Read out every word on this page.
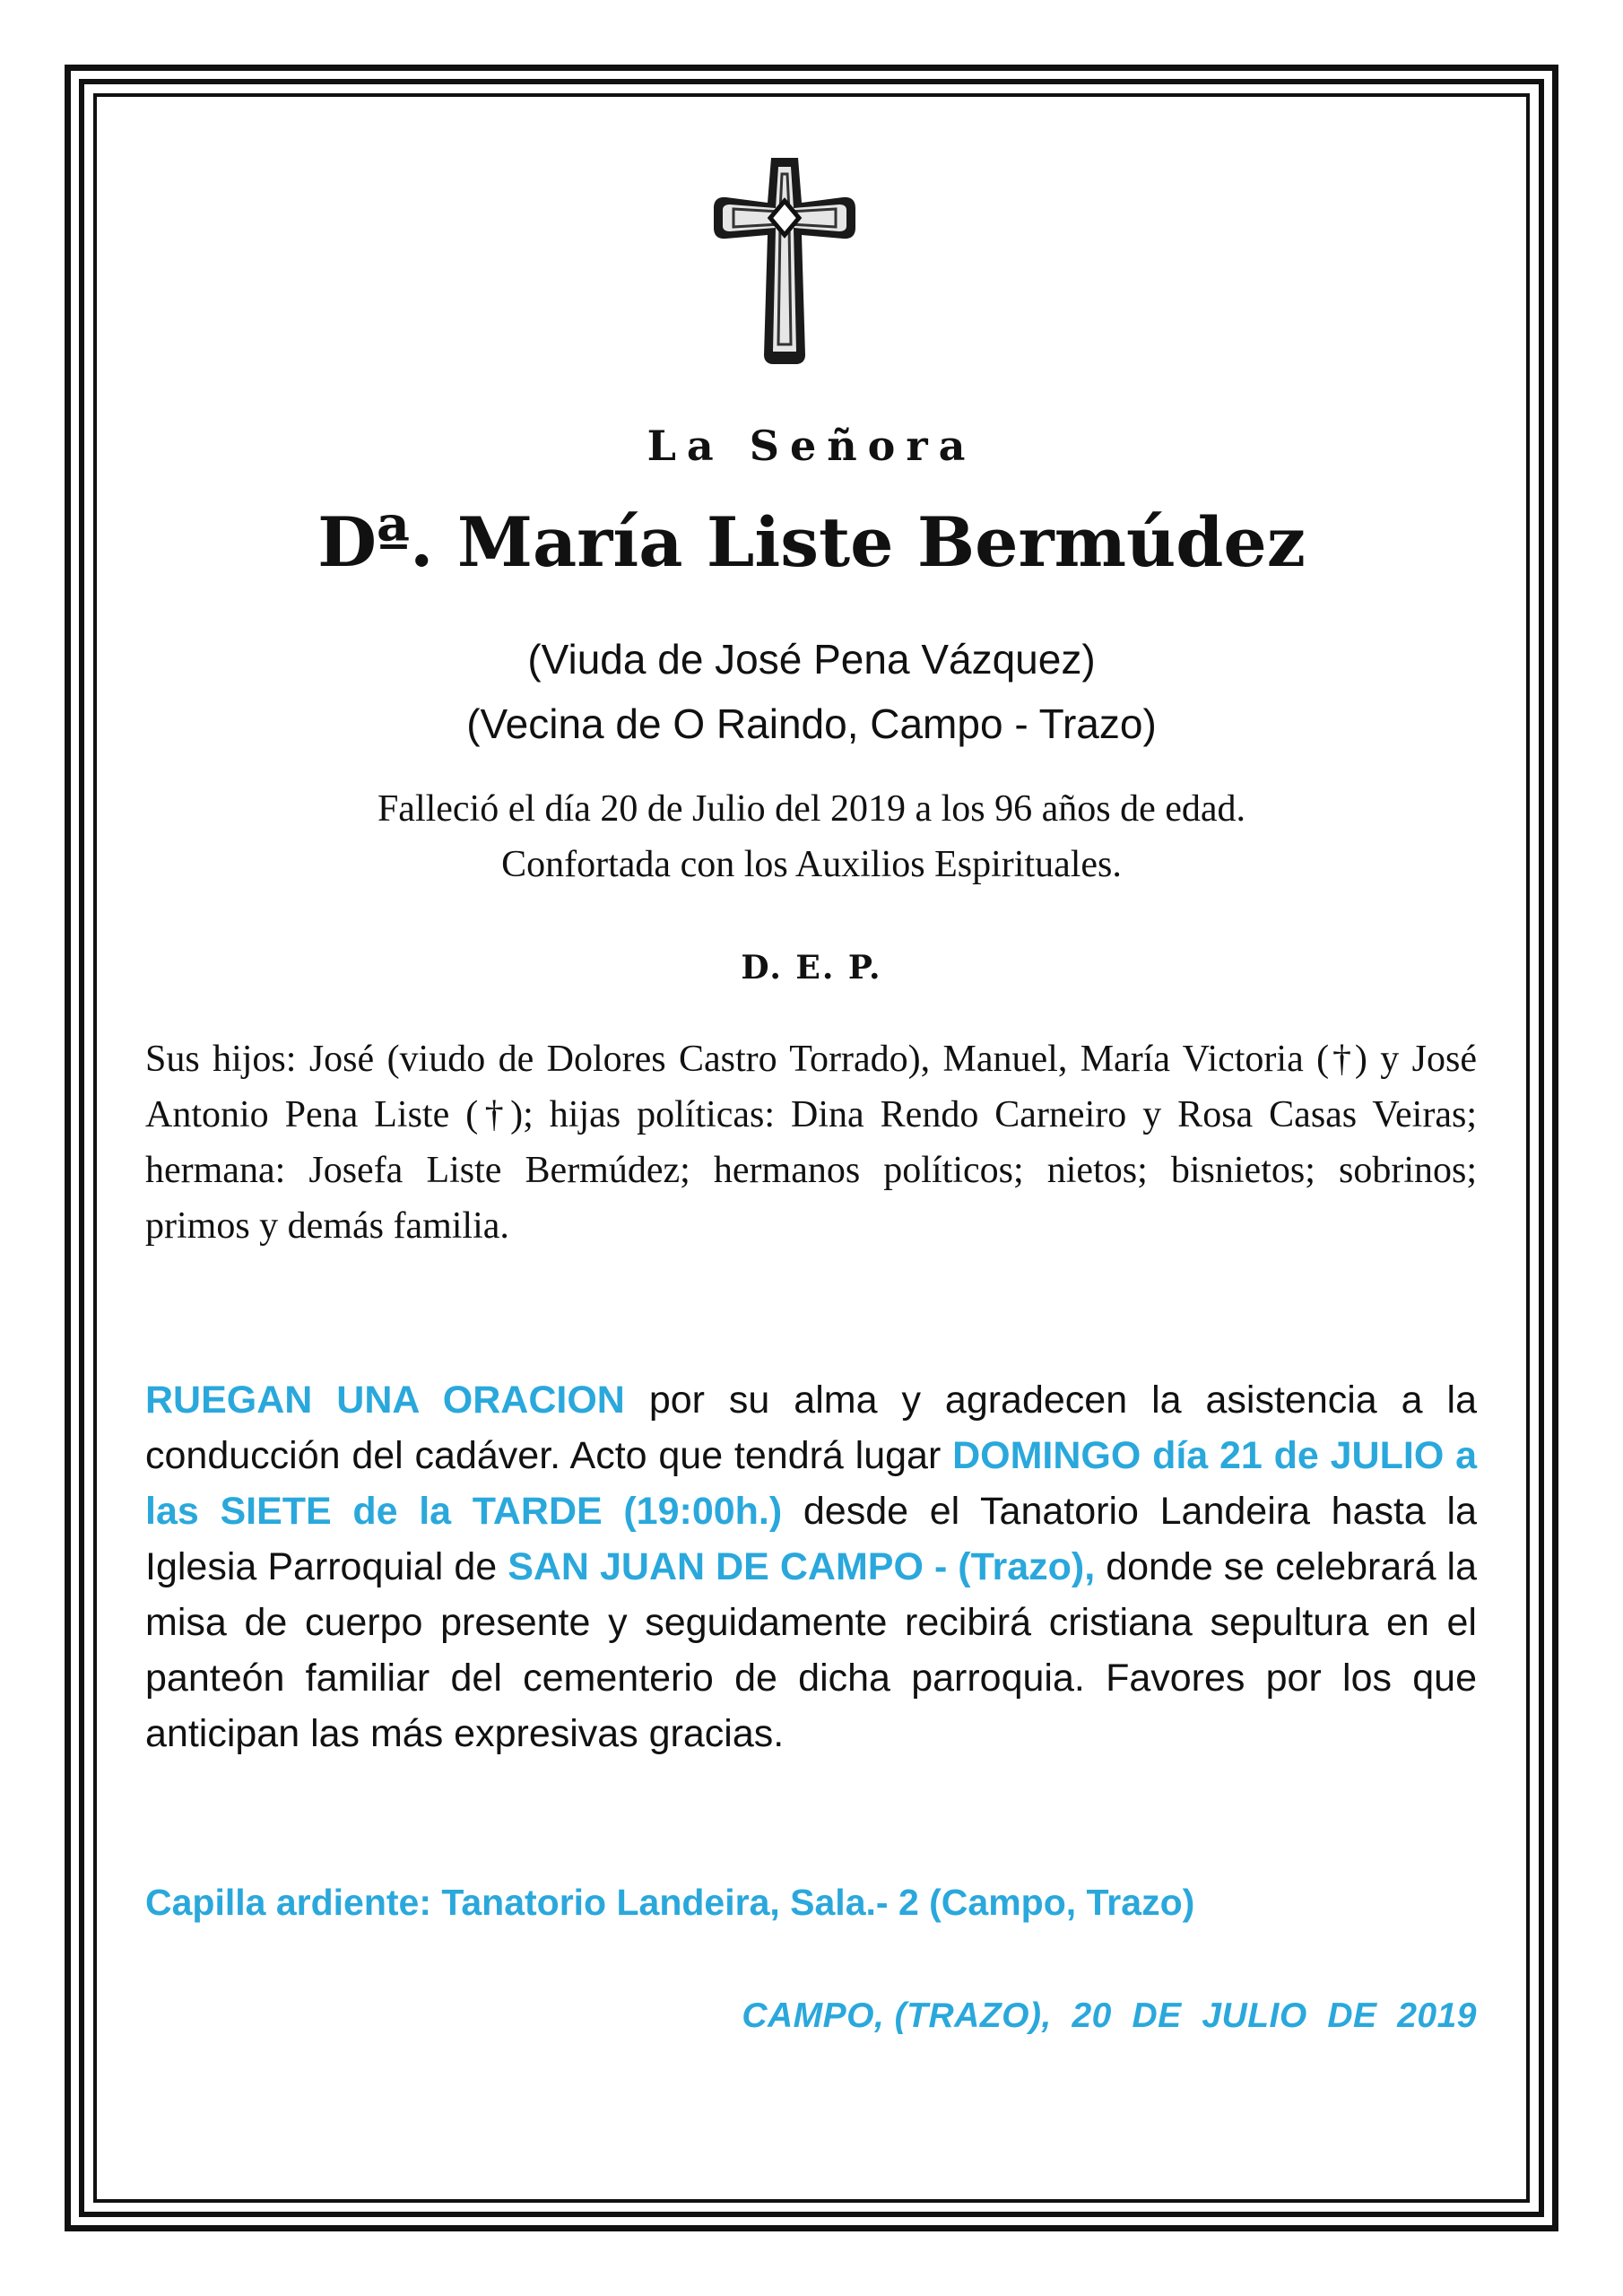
La Señora
Dª. María Liste Bermúdez
(Viuda de José Pena Vázquez)
(Vecina de O Raindo, Campo - Trazo)
Falleció el día 20 de Julio del 2019 a los 96 años de edad.
Confortada con los Auxilios Espirituales.
D. E. P.
Sus hijos: José (viudo de Dolores Castro Torrado), Manuel, María Victoria (†) y José Antonio Pena Liste (†); hijas políticas: Dina Rendo Carneiro y Rosa Casas Veiras; hermana: Josefa Liste Bermúdez; hermanos políticos; nietos; bisnietos; sobrinos; primos y demás familia.
RUEGAN UNA ORACION por su alma y agradecen la asistencia a la conducción del cadáver. Acto que tendrá lugar DOMINGO día 21 de JULIO a las SIETE de la TARDE (19:00h.) desde el Tanatorio Landeira hasta la Iglesia Parroquial de SAN JUAN DE CAMPO - (Trazo), donde se celebrará la misa de cuerpo presente y seguidamente recibirá cristiana sepultura en el panteón familiar del cementerio de dicha parroquia. Favores por los que anticipan las más expresivas gracias.
Capilla ardiente: Tanatorio Landeira, Sala.- 2 (Campo, Trazo)
CAMPO, (TRAZO),  20  DE  JULIO  DE  2019
